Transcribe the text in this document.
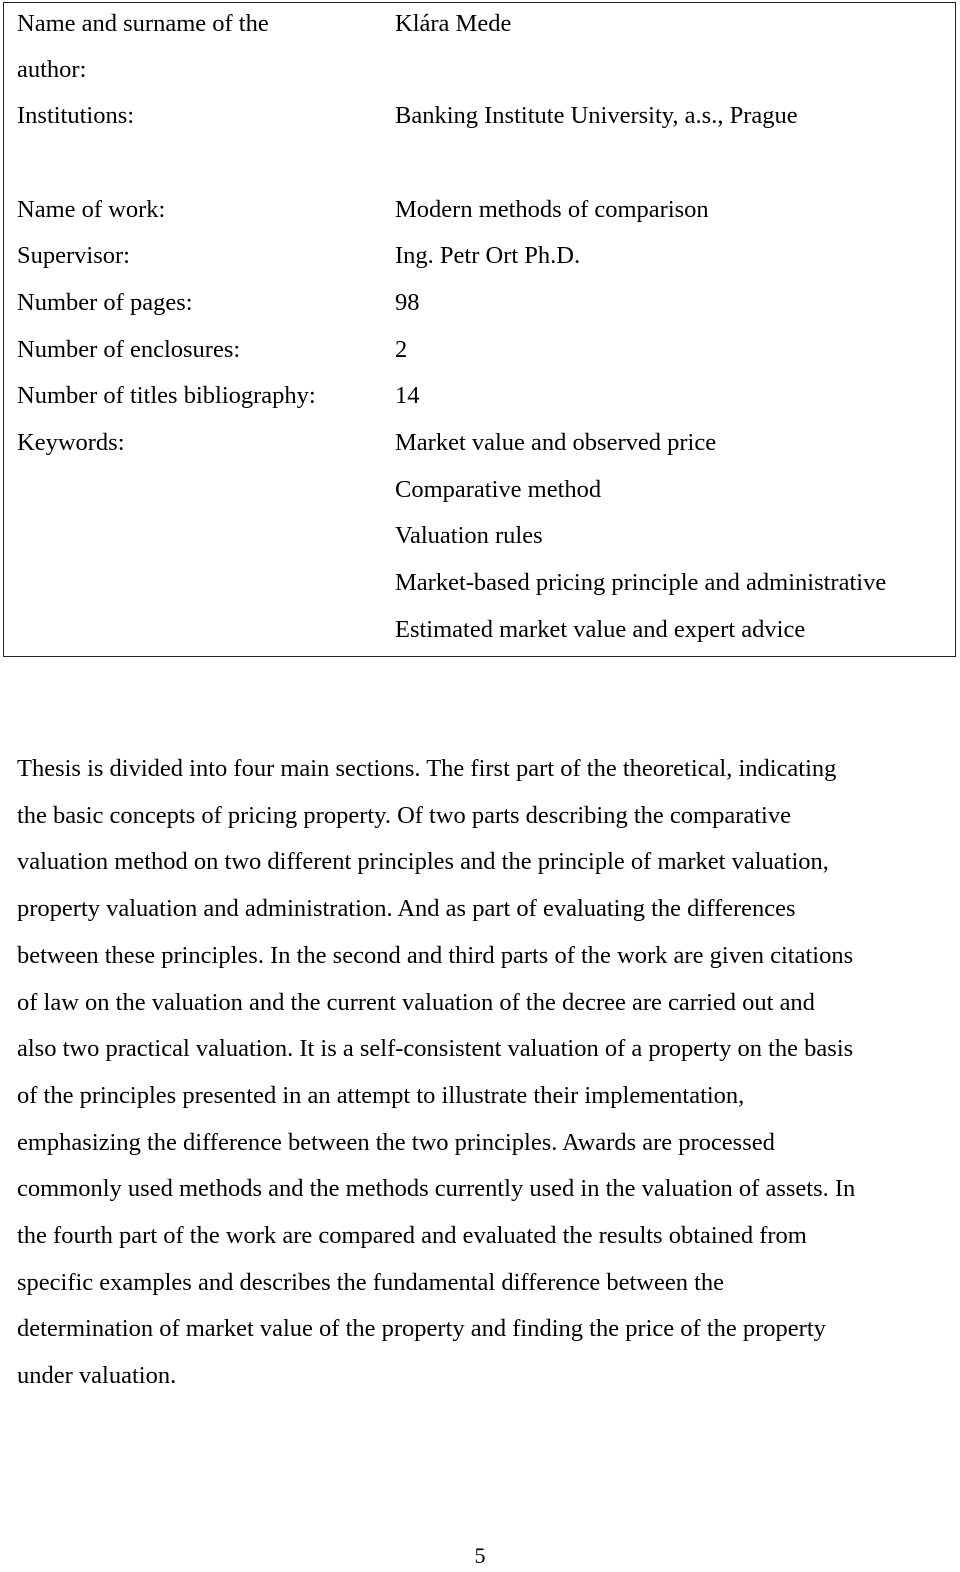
Name and surname of the	Klára Mede
author:
Institutions:	Banking Institute University, a.s., Prague
Name of work:	Modern methods of comparison
Supervisor:	Ing. Petr Ort Ph.D.
Number of pages:	98
Number of enclosures:	2
Number of titles bibliography:	14
Keywords:	Market value and observed price
Comparative method
Valuation rules
Market-based pricing principle and administrative
Estimated market value and expert advice

Thesis is divided into four main sections. The first part of the theoretical, indicating

the basic concepts of pricing property. Of two parts describing the comparative

valuation method on two different principles and the principle of market valuation,

property valuation and administration. And as part of evaluating the differences

between these principles. In the second and third parts of the work are given citations

of law on the valuation and the current valuation of the decree are carried out and

also two practical valuation. It is a self-consistent valuation of a property on the basis

of the principles presented in an attempt to illustrate their implementation,

emphasizing the difference between the two principles. Awards are processed

commonly used methods and the methods currently used in the valuation of assets. In

the fourth part of the work are compared and evaluated the results obtained from

specific examples and describes the fundamental difference between the

determination of market value of the property and finding the price of the property

under valuation.

5
